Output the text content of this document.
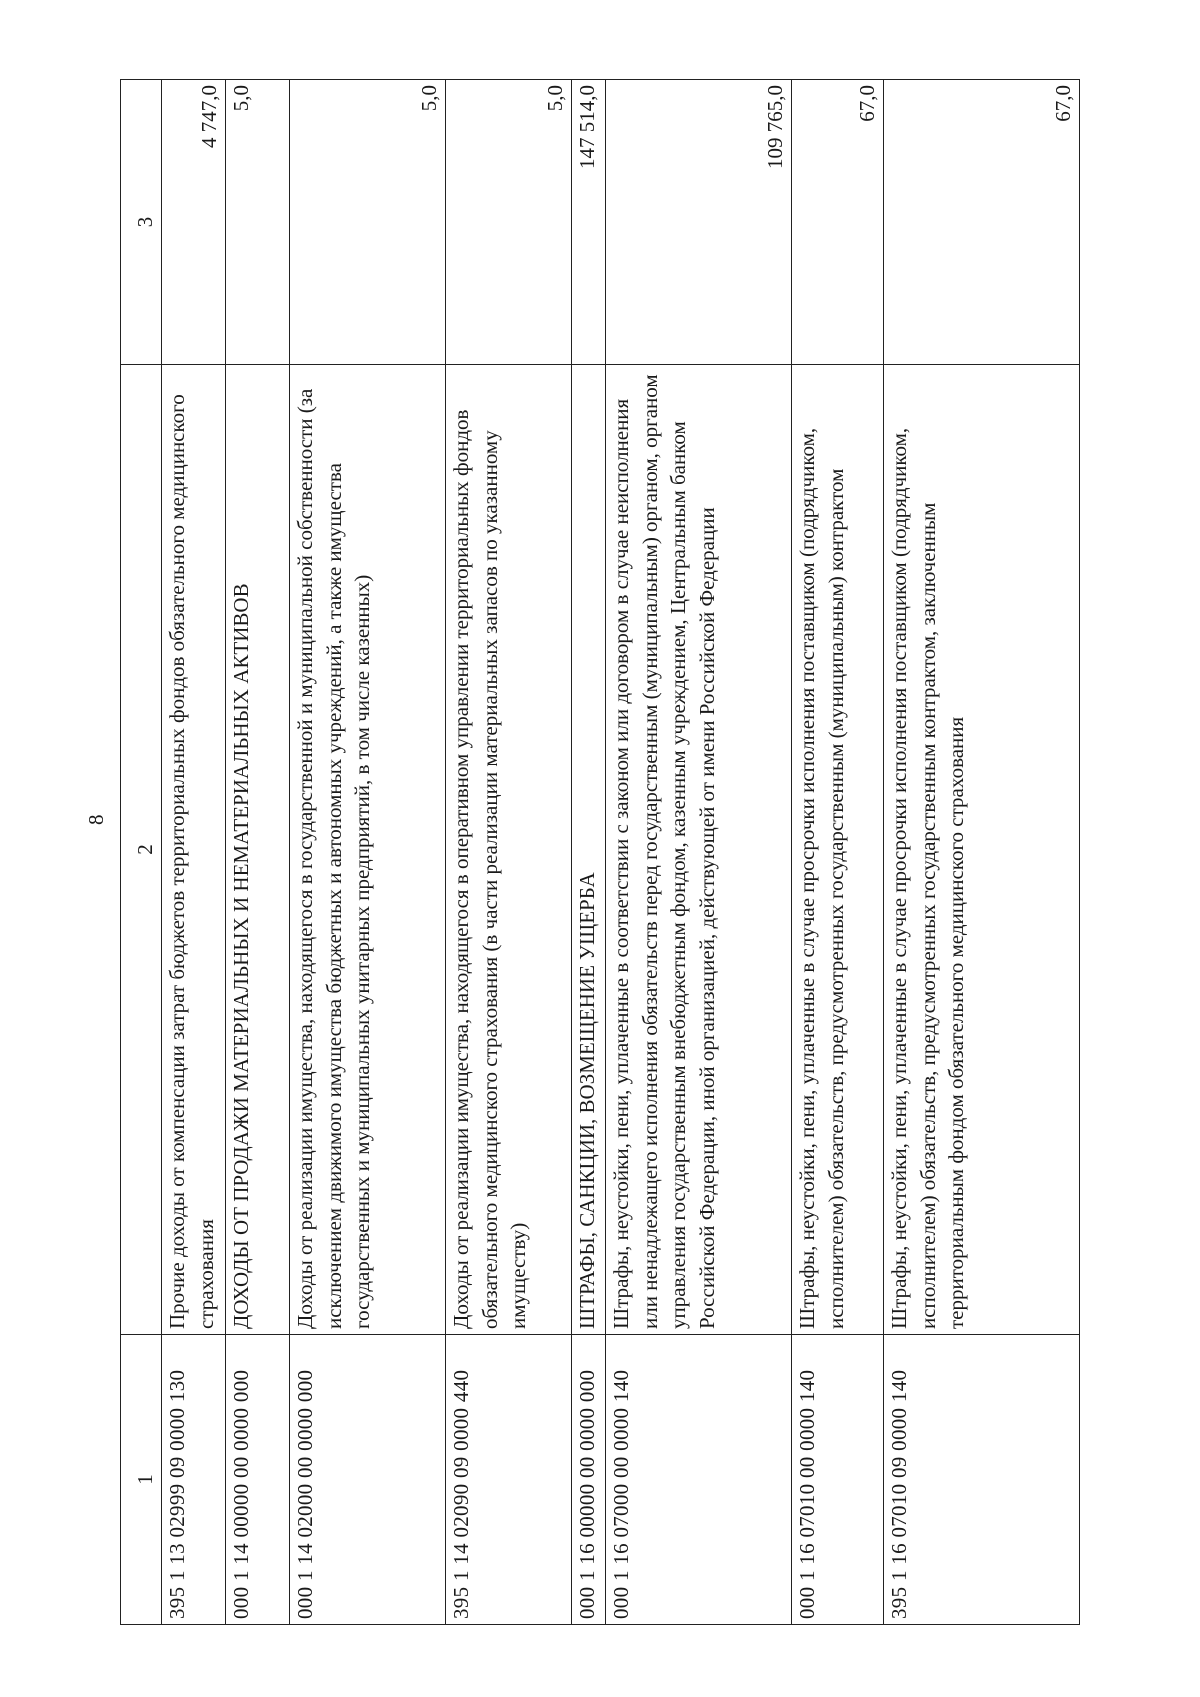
8
1	2	3
395 1 13 02999 09 0000 130	Прочие доходы от компенсации затрат бюджетов территориальных фондов обязательного медицинского страхования	4 747,0
000 1 14 00000 00 0000 000	ДОХОДЫ ОТ ПРОДАЖИ МАТЕРИАЛЬНЫХ И НЕМАТЕРИАЛЬНЫХ АКТИВОВ	5,0
000 1 14 02000 00 0000 000	Доходы от реализации имущества, находящегося в государственной и муниципальной собственности (за исключением движимого имущества бюджетных и автономных учреждений, а также имущества государственных и муниципальных унитарных предприятий, в том числе казенных)	5,0
395 1 14 02090 09 0000 440	Доходы от реализации имущества, находящегося в оперативном управлении территориальных фондов обязательного медицинского страхования (в части реализации материальных запасов по указанному имуществу)	5,0
000 1 16 00000 00 0000 000	ШТРАФЫ, САНКЦИИ, ВОЗМЕЩЕНИЕ УЩЕРБА	147 514,0
000 1 16 07000 00 0000 140	Штрафы, неустойки, пени, уплаченные в соответствии с законом или договором в случае неисполнения или ненадлежащего исполнения обязательств перед государственным (муниципальным) органом, органом управления государственным внебюджетным фондом, казенным учреждением, Центральным банком Российской Федерации, иной организацией, действующей от имени Российской Федерации	109 765,0
000 1 16 07010 00 0000 140	Штрафы, неустойки, пени, уплаченные в случае просрочки исполнения поставщиком (подрядчиком, исполнителем) обязательств, предусмотренных государственным (муниципальным) контрактом	67,0
395 1 16 07010 09 0000 140	Штрафы, неустойки, пени, уплаченные в случае просрочки исполнения поставщиком (подрядчиком, исполнителем) обязательств, предусмотренных государственным контрактом, заключенным территориальным фондом обязательного медицинского страхования	67,0
